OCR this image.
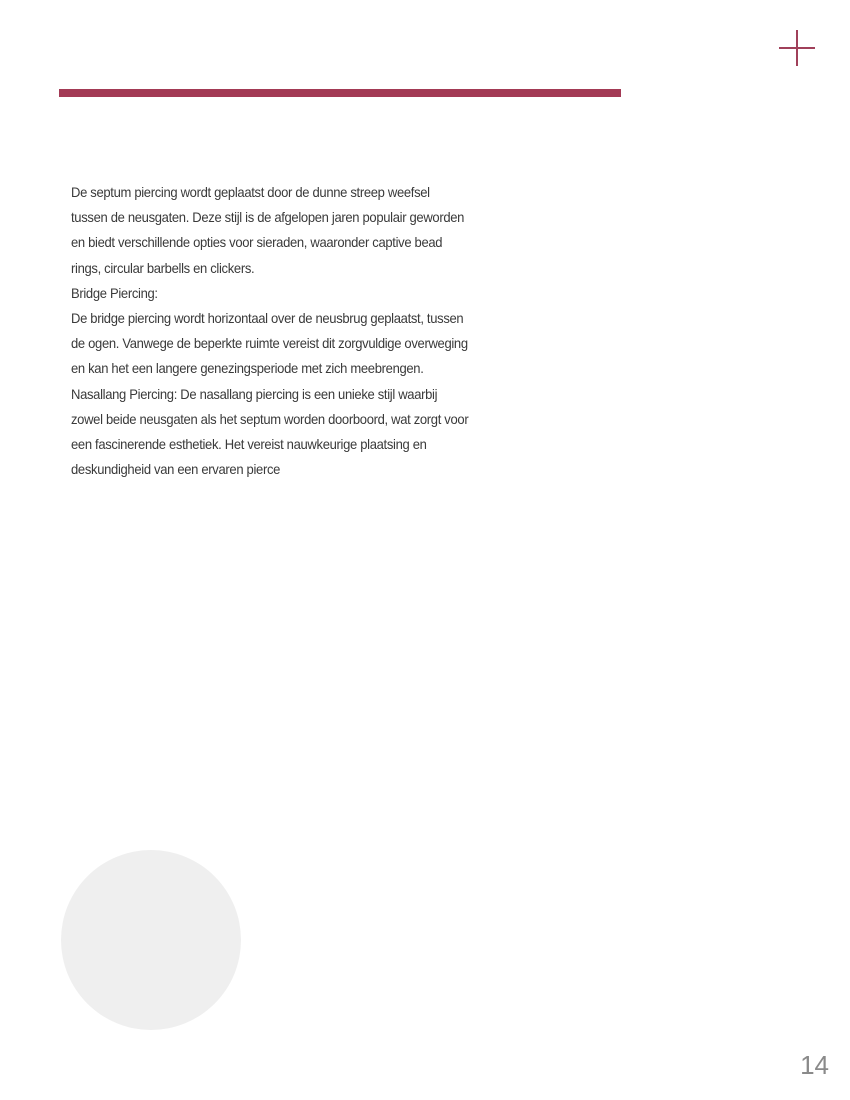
De septum piercing wordt geplaatst door de dunne streep weefsel
tussen de neusgaten. Deze stijl is de afgelopen jaren populair geworden
en biedt verschillende opties voor sieraden, waaronder captive bead
rings, circular barbells en clickers.
Bridge Piercing:
De bridge piercing wordt horizontaal over de neusbrug geplaatst, tussen
de ogen. Vanwege de beperkte ruimte vereist dit zorgvuldige overweging
en kan het een langere genezingsperiode met zich meebrengen.
Nasallang Piercing: De nasallang piercing is een unieke stijl waarbij
zowel beide neusgaten als het septum worden doorboord, wat zorgt voor
een fascinerende esthetiek. Het vereist nauwkeurige plaatsing en
deskundigheid van een ervaren pierce

14
